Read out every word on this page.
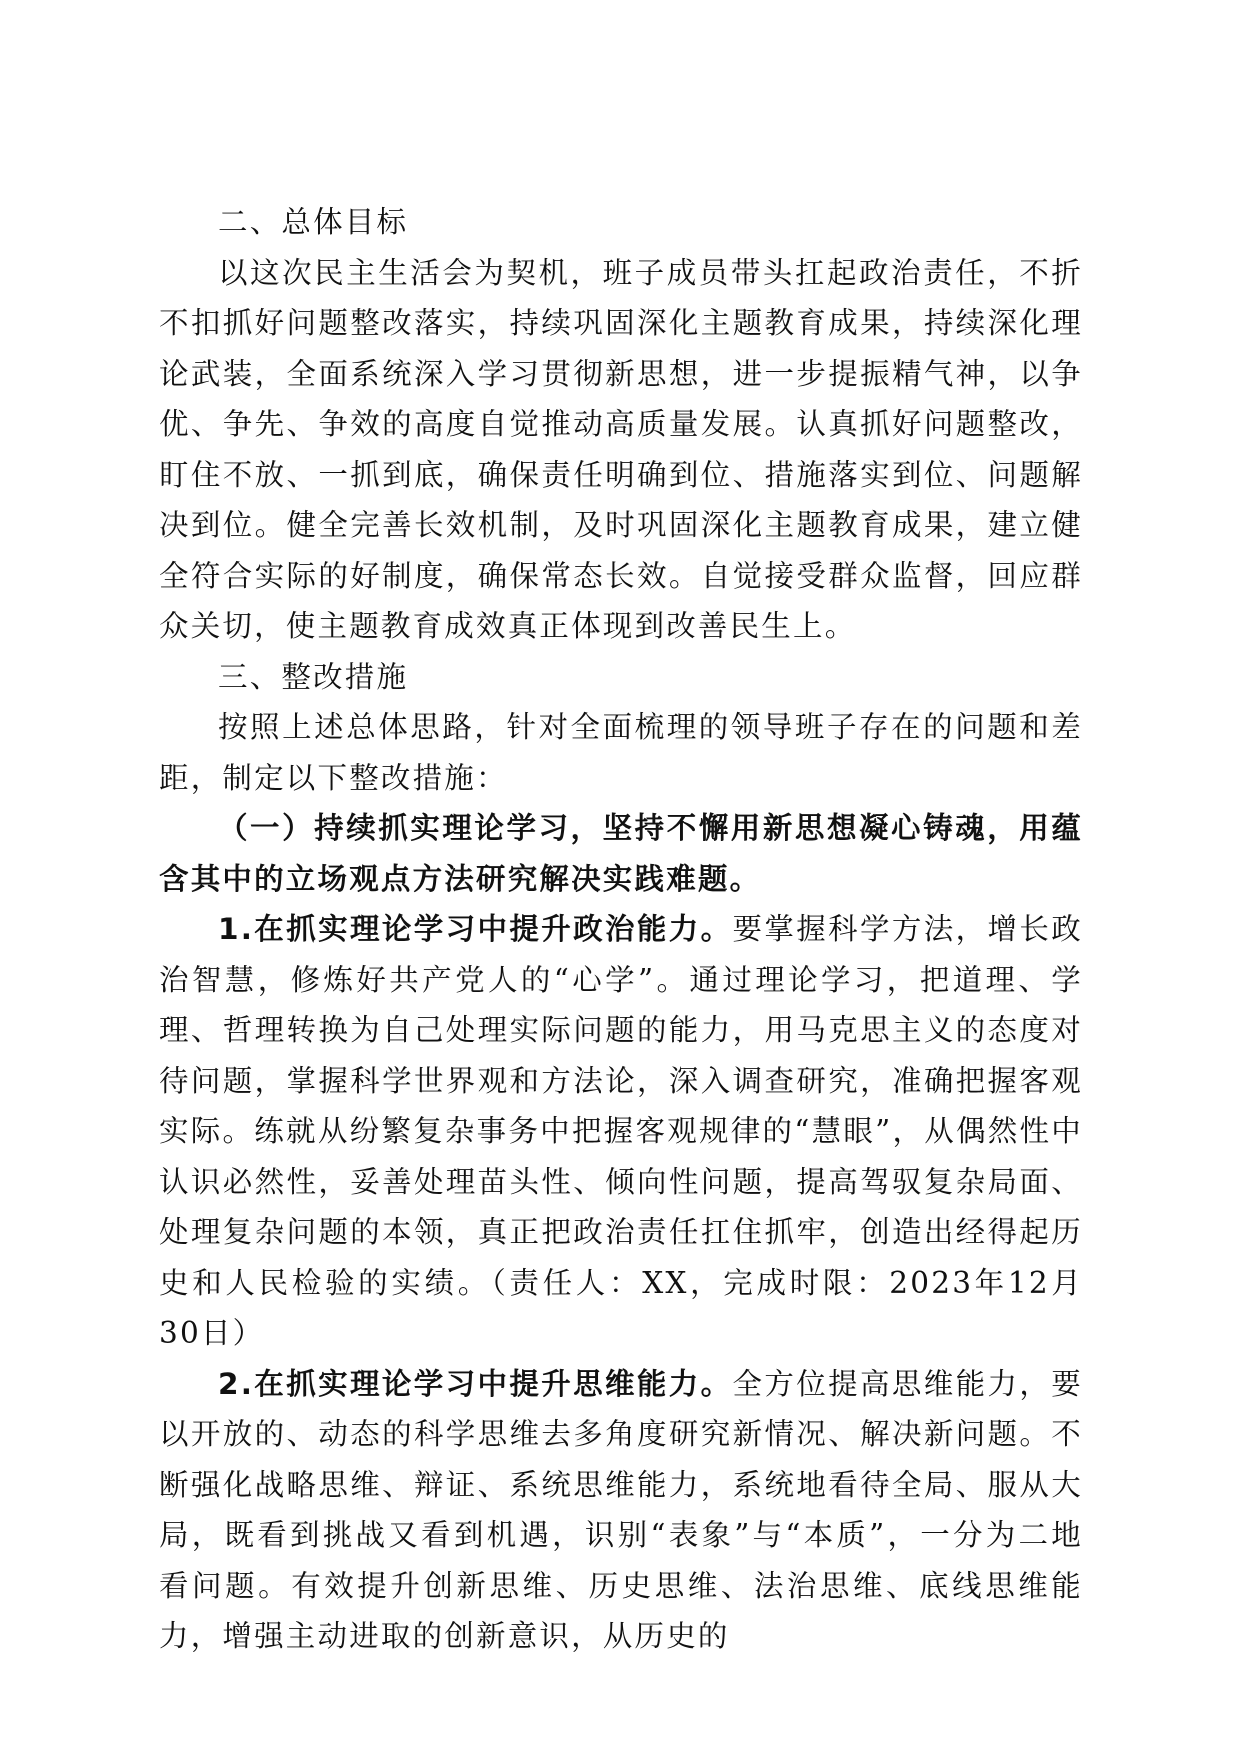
二、总体目标

以这次民主生活会为契机，班子成员带头扛起政治责任，不折不扣抓好问题整改落实，持续巩固深化主题教育成果，持续深化理论武装，全面系统深入学习贯彻新思想，进一步提振精气神，以争优、争先、争效的高度自觉推动高质量发展。认真抓好问题整改，盯住不放、一抓到底，确保责任明确到位、措施落实到位、问题解决到位。健全完善长效机制，及时巩固深化主题教育成果，建立健全符合实际的好制度，确保常态长效。自觉接受群众监督，回应群众关切，使主题教育成效真正体现到改善民生上。

三、整改措施

按照上述总体思路，针对全面梳理的领导班子存在的问题和差距，制定以下整改措施：

（一）持续抓实理论学习，坚持不懈用新思想凝心铸魂，用蕴含其中的立场观点方法研究解决实践难题。

1.在抓实理论学习中提升政治能力。要掌握科学方法，增长政治智慧，修炼好共产党人的“心学”。通过理论学习，把道理、学理、哲理转换为自己处理实际问题的能力，用马克思主义的态度对待问题，掌握科学世界观和方法论，深入调查研究，准确把握客观实际。练就从纷繁复杂事务中把握客观规律的“慧眼”，从偶然性中认识必然性，妥善处理苗头性、倾向性问题，提高驾驭复杂局面、处理复杂问题的本领，真正把政治责任扛住抓牢，创造出经得起历史和人民检验的实绩。（责任人：XX，完成时限：2023年12月30日）

2.在抓实理论学习中提升思维能力。全方位提高思维能力，要以开放的、动态的科学思维去多角度研究新情况、解决新问题。不断强化战略思维、辩证、系统思维能力，系统地看待全局、服从大局，既看到挑战又看到机遇，识别“表象”与“本质”，一分为二地看问题。有效提升创新思维、历史思维、法治思维、底线思维能力，增强主动进取的创新意识，从历史的
